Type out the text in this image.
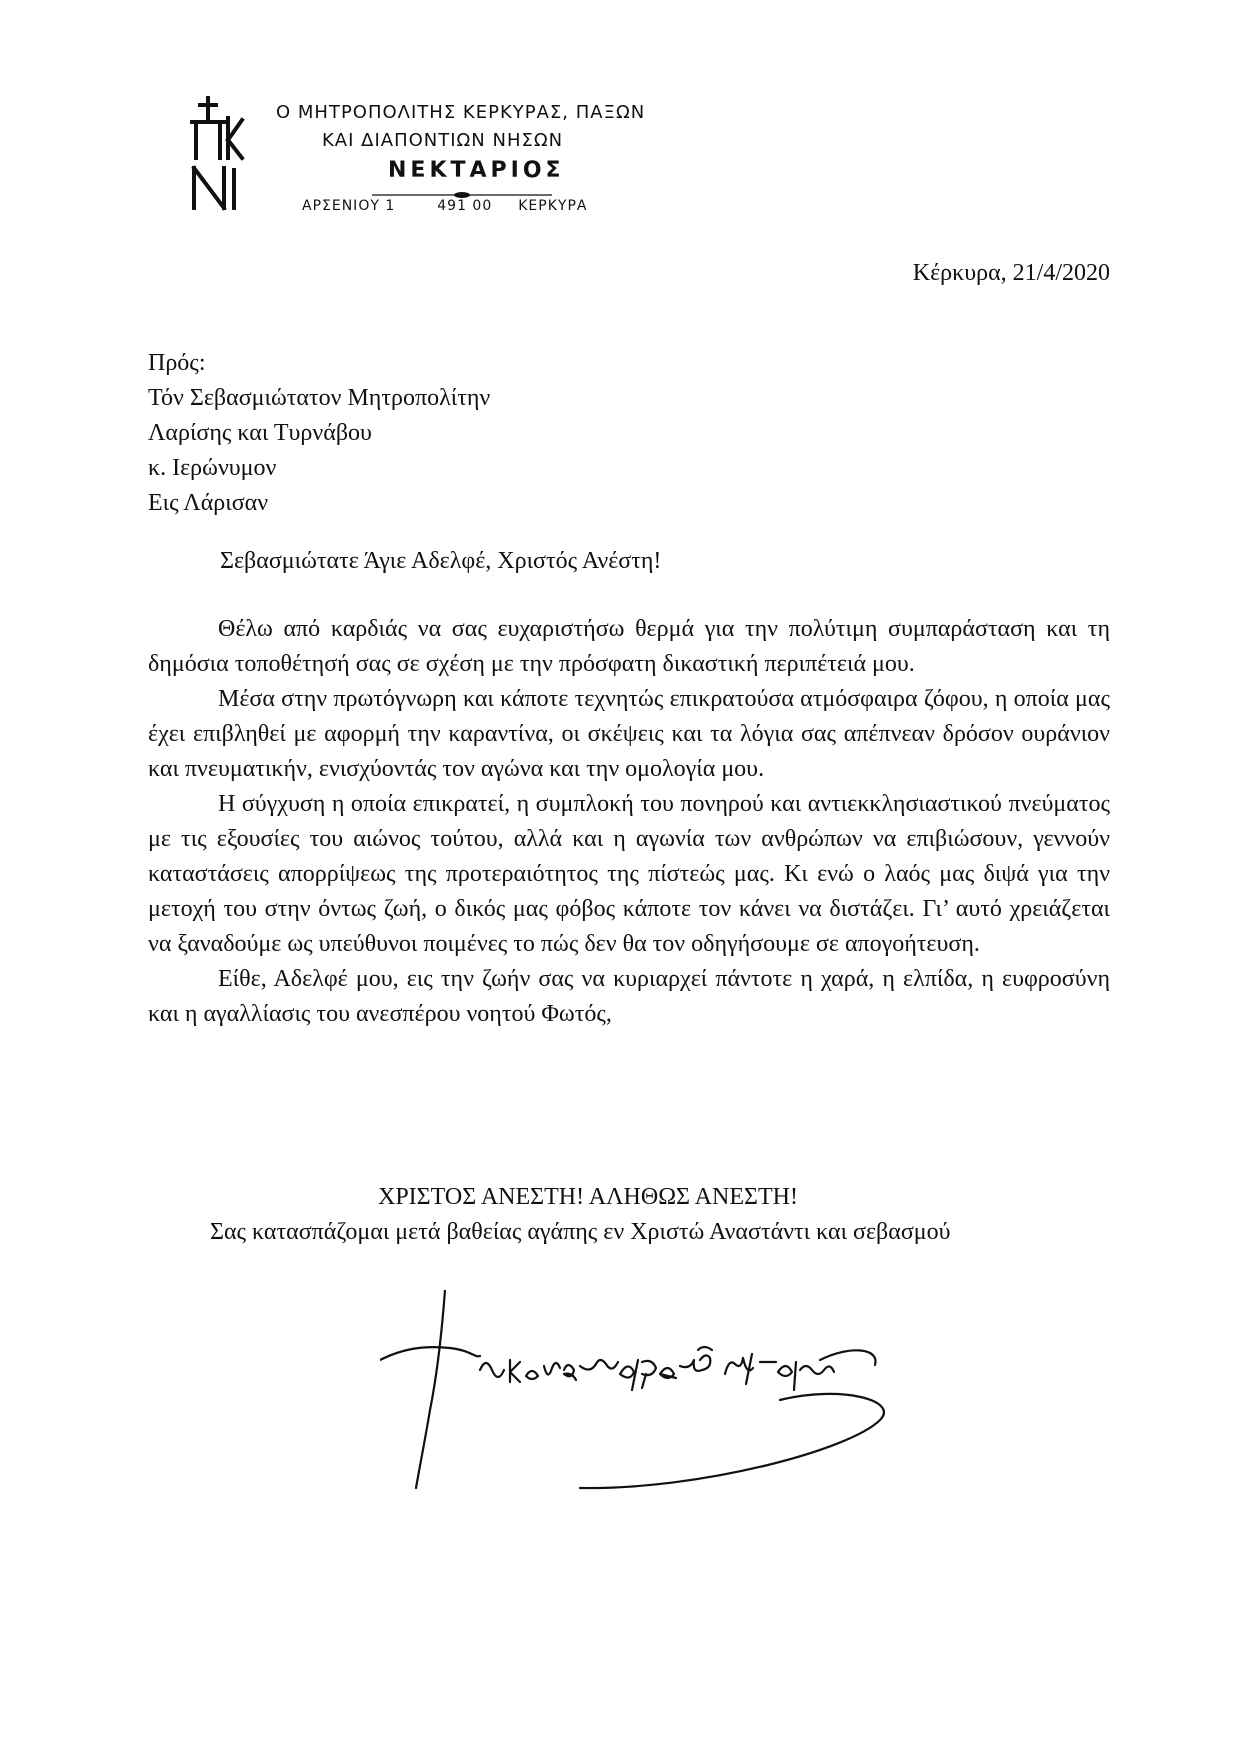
Ο ΜΗΤΡΟΠΟΛΙΤΗΣ ΚΕΡΚΥΡΑΣ, ΠΑΞΩΝ
ΚΑΙ ΔΙΑΠΟΝΤΙΩΝ ΝΗΣΩΝ
ΝΕΚΤΑΡΙΟΣ
ΑΡΣΕΝΙΟΥ 1	491 00 ΚΕΡΚΥΡΑ
Κέρκυρα, 21/4/2020
Πρός:
Τόν Σεβασμιώτατον Μητροπολίτην
Λαρίσης και Τυρνάβου
κ. Ιερώνυμον
Εις Λάρισαν
Σεβασμιώτατε Άγιε Αδελφέ, Χριστός Ανέστη!

Θέλω από καρδιάς να σας ευχαριστήσω θερμά για την πολύτιμη συμπαράσταση και τη δημόσια τοποθέτησή σας σε σχέση με την πρόσφατη δικαστική περιπέτειά μου.

Μέσα στην πρωτόγνωρη και κάποτε τεχνητώς επικρατούσα ατμόσφαιρα ζόφου, η οποία μας έχει επιβληθεί με αφορμή την καραντίνα, οι σκέψεις και τα λόγια σας απέπνεαν δρόσον ουράνιον και πνευματικήν, ενισχύοντάς τον αγώνα και την ομολογία μου.

Η σύγχυση η οποία επικρατεί, η συμπλοκή του πονηρού και αντιεκκλησιαστικού πνεύματος με τις εξουσίες του αιώνος τούτου, αλλά και η αγωνία των ανθρώπων να επιβιώσουν, γεννούν καταστάσεις απορρίψεως της προτεραιότητος της πίστεώς μας. Κι ενώ ο λαός μας διψά για την μετοχή του στην όντως ζωή, ο δικός μας φόβος κάποτε τον κάνει να διστάζει. Γι’ αυτό χρειάζεται να ξαναδούμε ως υπεύθυνοι ποιμένες το πώς δεν θα τον οδηγήσουμε σε απογοήτευση.

Είθε, Αδελφέ μου, εις την ζωήν σας να κυριαρχεί πάντοτε η χαρά, η ελπίδα, η ευφροσύνη και η αγαλλίασις του ανεσπέρου νοητού Φωτός,

ΧΡΙΣΤΟΣ ΑΝΕΣΤΗ! ΑΛΗΘΩΣ ΑΝΕΣΤΗ!
Σας κατασπάζομαι μετά βαθείας αγάπης εν Χριστώ Αναστάντι και σεβασμού
